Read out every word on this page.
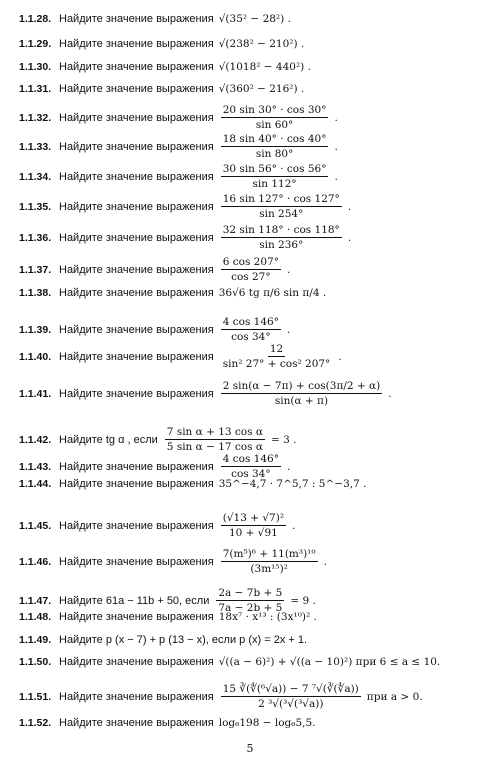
1.1.28. Найдите значение выражения √(35² − 28²) .
1.1.29. Найдите значение выражения √(238² − 210²) .
1.1.30. Найдите значение выражения √(1018² − 440²) .
1.1.31. Найдите значение выражения √(360² − 216²) .
1.1.32. Найдите значение выражения $\frac{20 \sin 30^\circ \cdot \cos 30^\circ}{\sin 60^\circ}$ .
1.1.33. Найдите значение выражения $\frac{18 \sin 40^\circ \cdot \cos 40^\circ}{\sin 80^\circ}$ .
1.1.34. Найдите значение выражения $\frac{30 \sin 56^\circ \cdot \cos 56^\circ}{\sin 112^\circ}$ .
1.1.35. Найдите значение выражения $\frac{16 \sin 127^\circ \cdot \cos 127^\circ}{\sin 254^\circ}$ .
1.1.36. Найдите значение выражения $\frac{32 \sin 118^\circ \cdot \cos 118^\circ}{\sin 236^\circ}$ .
1.1.37. Найдите значение выражения $\frac{6 \cos 207^\circ}{\cos 27^\circ}$ .
1.1.38. Найдите значение выражения 36√6 tg π/6 sin π/4 .
1.1.39. Найдите значение выражения $\frac{4 \cos 146^\circ}{\cos 34^\circ}$ .
1.1.40. Найдите значение выражения $\frac{12}{\text{sin² 27° + cos² 207°}}$ .
1.1.41. Найдите значение выражения $\frac{2 \sin(\alpha - 7\pi) + \cos(3\pi/2 + \alpha)}{\sin(\alpha + \pi)}$ .
1.1.42. Найдите tg α , если $\frac{\text{7 sin α + 13 cos α}}{\text{5 sin α − 17 cos α}} = 3$ .
1.1.43. Найдите значение выражения $\frac{4 \cos 146^\circ}{\cos 34^\circ}$ .
1.1.44. Найдите значение выражения 35^−4,7 · 7^5,7 : 5^−3,7 .
1.1.45. Найдите значение выражения $\frac{\text{(√13 + √7)²}}{10 + √91}$ .
1.1.46. Найдите значение выражения $\frac{\text{7(m⁵)⁶ + 11(m³)¹⁰}}{\text{(3m¹⁵)²}}$ .
1.1.47. Найдите 61a − 11b + 50, если $\frac{2a - 7b + 5}{7a - 2b + 5} = 9$ .
1.1.48. Найдите значение выражения 18x⁷ · x¹³ : (3x¹⁰)² .
1.1.49. Найдите p (x − 7) + p (13 − x), если p (x) = 2x + 1.
1.1.50. Найдите значение выражения √((a − 6)²) + √((a − 10)²) при 6 ≤ a ≤ 10.
1.1.51. Найдите значение выражения $\frac{\text{15 ∛(∜(⁶√a)) − 7 ⁷√(∛(∜a))}}{\text{2 ³√(³√(³√a))}}$ при a > 0.
1.1.52. Найдите значение выражения log₆198 − log₆5,5.
5
